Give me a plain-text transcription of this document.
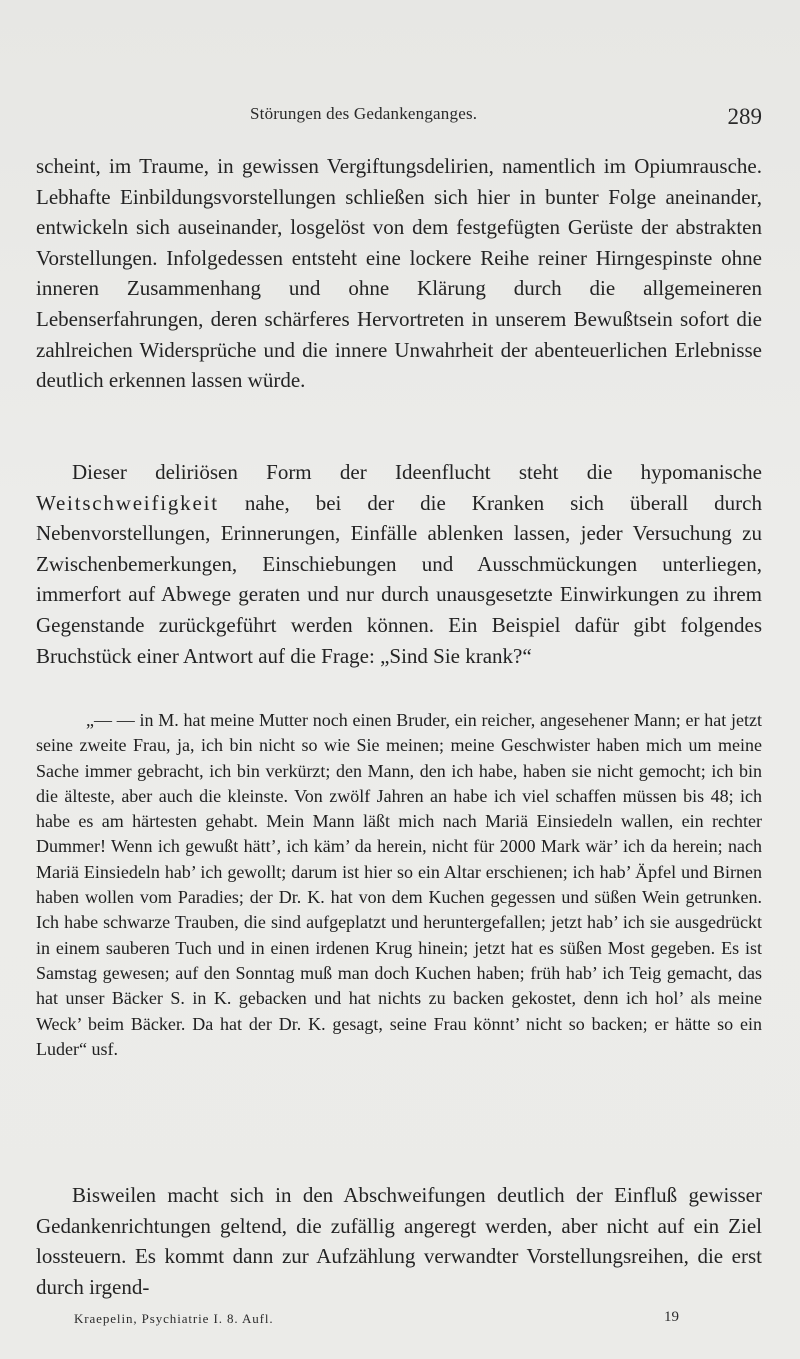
Störungen des Gedankenganges.	289

scheint, im Traume, in gewissen Vergiftungsdelirien, namentlich im Opiumrausche. Lebhafte Einbildungsvorstellungen schließen sich hier in bunter Folge aneinander, entwickeln sich auseinander, losgelöst von dem festgefügten Gerüste der abstrakten Vorstellungen. Infolgedessen entsteht eine lockere Reihe reiner Hirngespinste ohne inneren Zusammenhang und ohne Klärung durch die allgemeineren Lebenserfahrungen, deren schärferes Hervortreten in unserem Bewußtsein sofort die zahlreichen Widersprüche und die innere Unwahrheit der abenteuerlichen Erlebnisse deutlich erkennen lassen würde.

Dieser deliriösen Form der Ideenflucht steht die hypomanische Weitschweifigkeit nahe, bei der die Kranken sich überall durch Nebenvorstellungen, Erinnerungen, Einfälle ablenken lassen, jeder Versuchung zu Zwischenbemerkungen, Einschiebungen und Ausschmückungen unterliegen, immerfort auf Abwege geraten und nur durch unausgesetzte Einwirkungen zu ihrem Gegenstande zurückgeführt werden können. Ein Beispiel dafür gibt folgendes Bruchstück einer Antwort auf die Frage: „Sind Sie krank?“

„— — in M. hat meine Mutter noch einen Bruder, ein reicher, angesehener Mann; er hat jetzt seine zweite Frau, ja, ich bin nicht so wie Sie meinen; meine Geschwister haben mich um meine Sache immer gebracht, ich bin verkürzt; den Mann, den ich habe, haben sie nicht gemocht; ich bin die älteste, aber auch die kleinste. Von zwölf Jahren an habe ich viel schaffen müssen bis 48; ich habe es am härtesten gehabt. Mein Mann läßt mich nach Mariä Einsiedeln wallen, ein rechter Dummer! Wenn ich gewußt hätt’, ich käm’ da herein, nicht für 2000 Mark wär’ ich da herein; nach Mariä Einsiedeln hab’ ich gewollt; darum ist hier so ein Altar erschienen; ich hab’ Äpfel und Birnen haben wollen vom Paradies; der Dr. K. hat von dem Kuchen gegessen und süßen Wein getrunken. Ich habe schwarze Trauben, die sind aufgeplatzt und heruntergefallen; jetzt hab’ ich sie ausgedrückt in einem sauberen Tuch und in einen irdenen Krug hinein; jetzt hat es süßen Most gegeben. Es ist Samstag gewesen; auf den Sonntag muß man doch Kuchen haben; früh hab’ ich Teig gemacht, das hat unser Bäcker S. in K. gebacken und hat nichts zu backen gekostet, denn ich hol’ als meine Weck’ beim Bäcker. Da hat der Dr. K. gesagt, seine Frau könnt’ nicht so backen; er hätte so ein Luder“ usf.

Bisweilen macht sich in den Abschweifungen deutlich der Einfluß gewisser Gedankenrichtungen geltend, die zufällig angeregt werden, aber nicht auf ein Ziel lossteuern. Es kommt dann zur Aufzählung verwandter Vorstellungsreihen, die erst durch irgend-

Kraepelin, Psychiatrie I. 8. Aufl.	19
